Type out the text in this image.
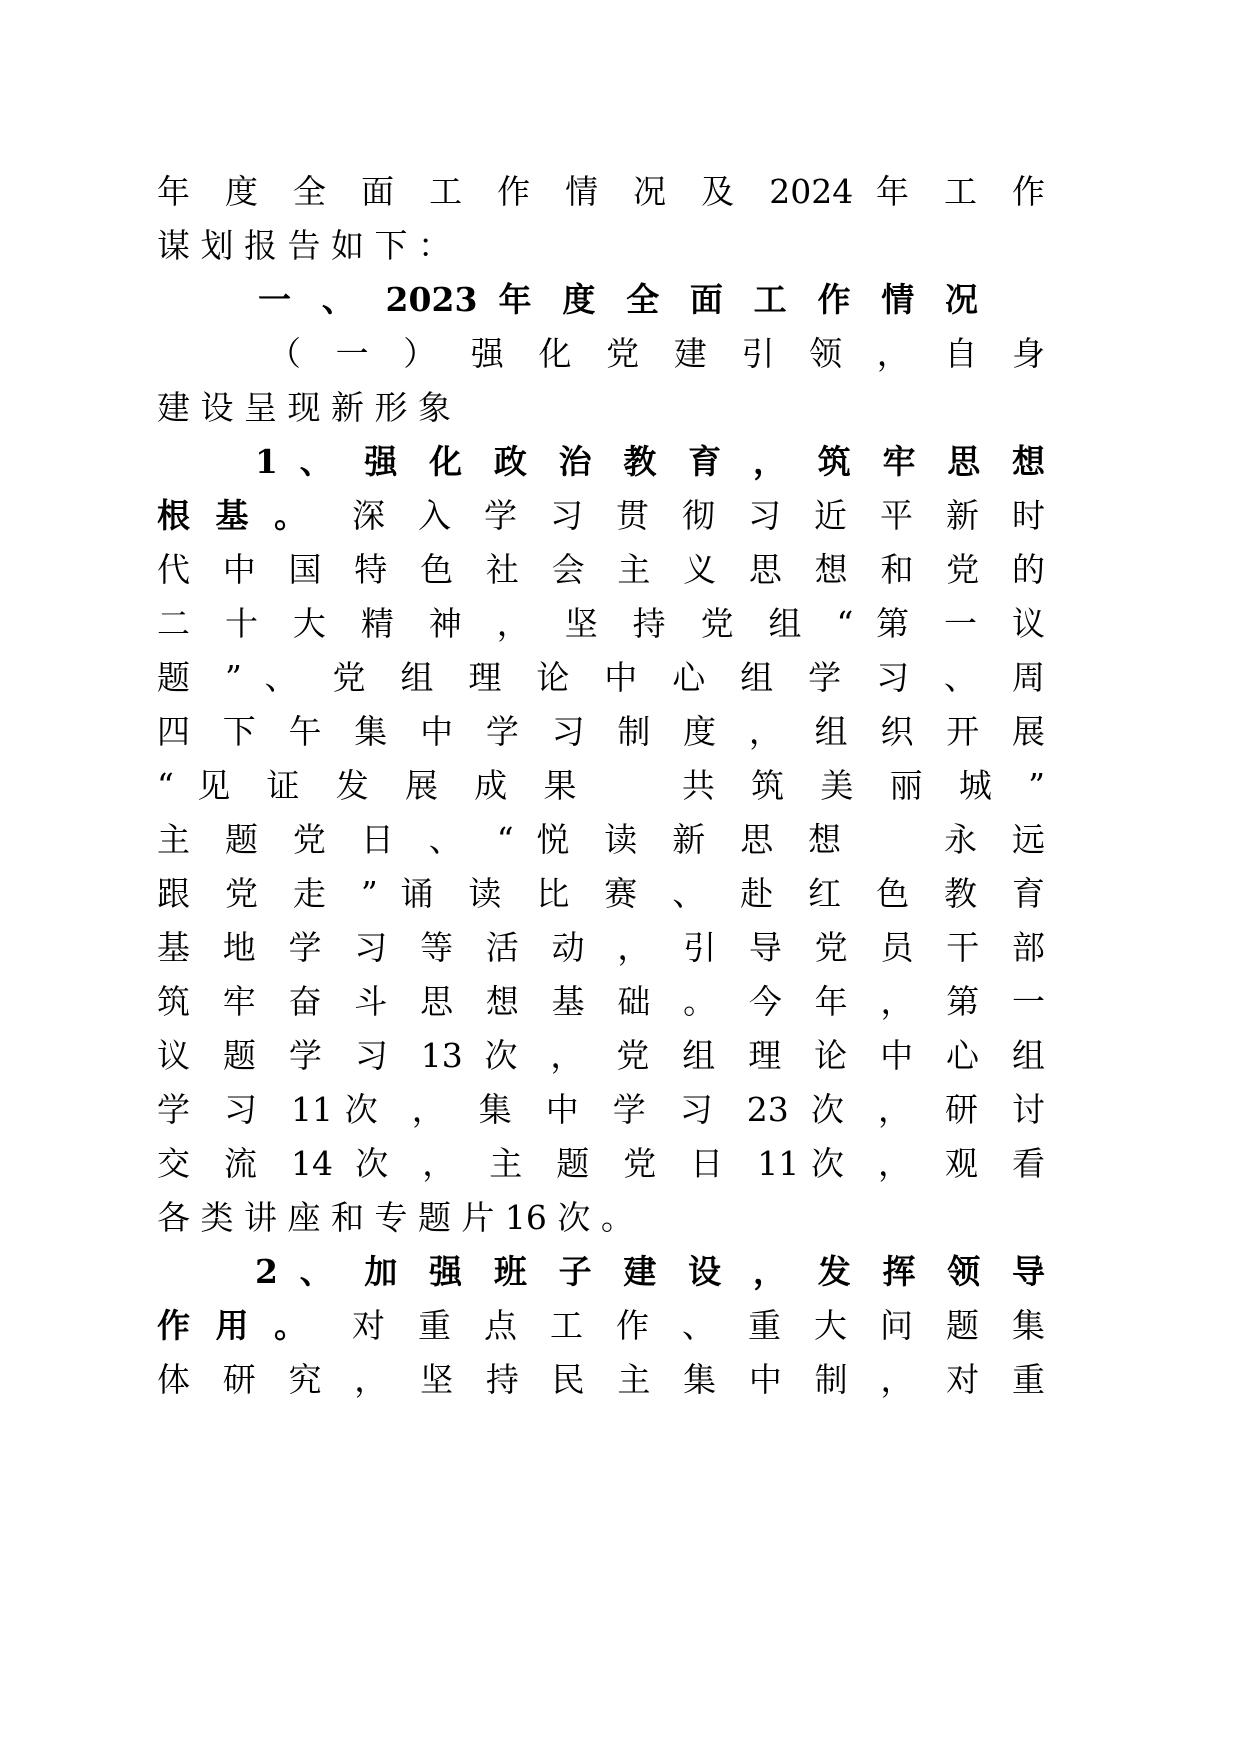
年 度 全 面 工 作 情 况 及 2024 年 工 作
谋 划 报 告 如 下 ：
一 、 2023 年 度 全 面 工 作 情 况
（ 一 ） 强 化 党 建 引 领 ， 自 身
建 设 呈 现 新 形 象
1 、 强 化 政 治 教 育 ， 筑 牢 思 想
根 基 。 深 入 学 习 贯 彻 习 近 平 新 时
代 中 国 特 色 社 会 主 义 思 想 和 党 的
二 十 大 精 神 ， 坚 持 党 组 “ 第 一 议
题 ” 、 党 组 理 论 中 心 组 学 习 、 周
四 下 午 集 中 学 习 制 度 ， 组 织 开 展
“ 见 证 发 展 成 果 　 共 筑 美 丽 城 ”
主 题 党 日 、 “ 悦 读 新 思 想 　 永 远
跟 党 走 ” 诵 读 比 赛 、 赴 红 色 教 育
基 地 学 习 等 活 动 ， 引 导 党 员 干 部
筑 牢 奋 斗 思 想 基 础 。 今 年 ， 第 一
议 题 学 习 13 次 ， 党 组 理 论 中 心 组
学 习 11次 ， 集 中 学 习 23 次 ， 研 讨
交 流 14 次 ， 主 题 党 日 11次 ， 观 看
各 类 讲 座 和 专 题 片 16 次 。
2 、 加 强 班 子 建 设 ， 发 挥 领 导
作 用 。 对 重 点 工 作 、 重 大 问 题 集
体 研 究 ， 坚 持 民 主 集 中 制 ， 对 重
